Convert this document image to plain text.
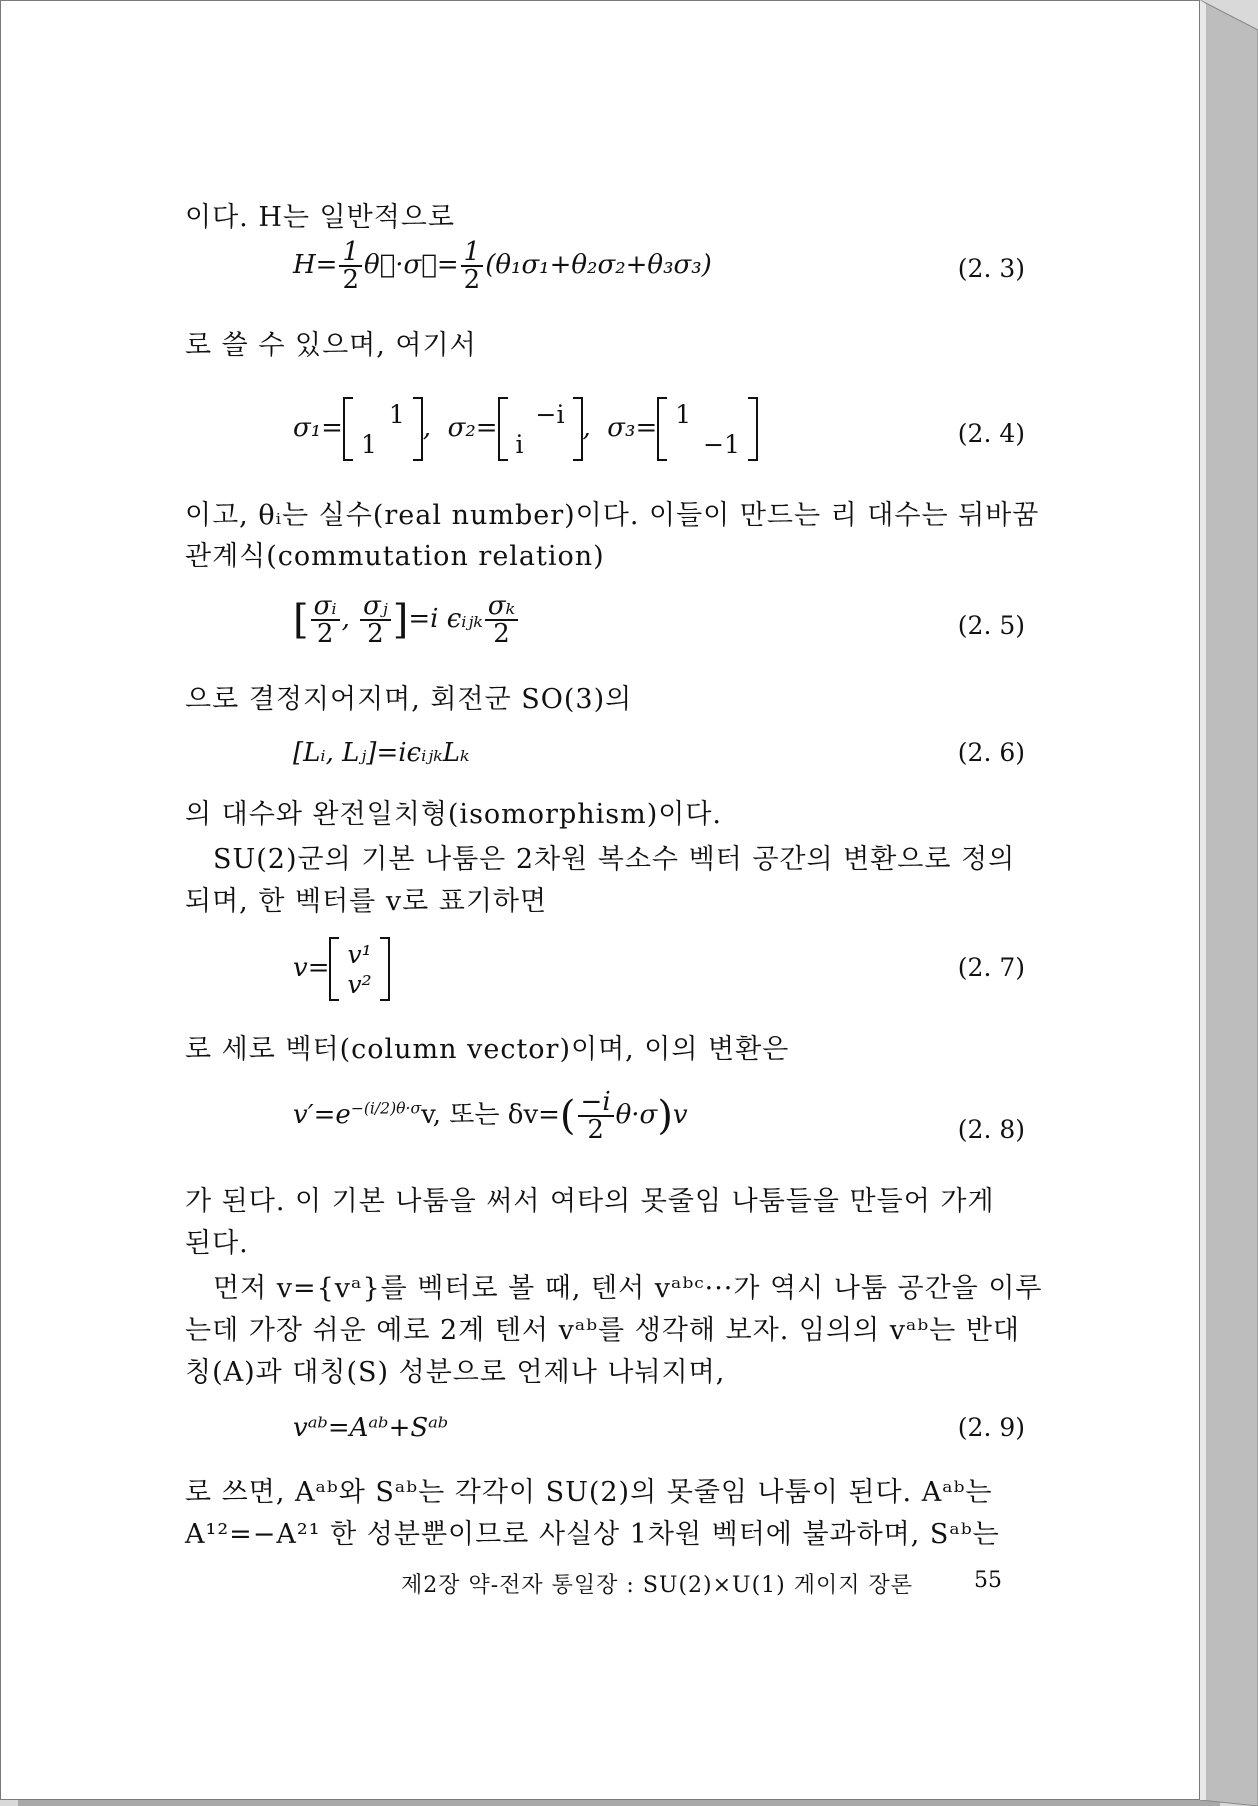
이다. H는 일반적으로
$H= \frac{1}{2}$ θ⃗·σ⃗= $\frac{1}{2} (\theta_1\sigma_1+\theta_2\sigma_2+\theta_3\sigma_3)$	(2. 3)
로 쓸 수 있으며, 여기서
σ₁=
	1
1	
, σ₂=
	−i
i	
, σ₃= 1	
	−1	(2. 4)
이고, θᵢ는 실수(real number)이다. 이들이 만드는 리 대수는 뒤바꿈
관계식(commutation relation)
[ $\frac{\text{σᵢ}}{2}$ , $\frac{\text{σⱼ}}{2} ]=i$ ϵᵢⱼₖ $\frac{\text{σₖ}}{2}$	(2. 5)
으로 결정지어지며, 회전군 SO(3)의
[Lᵢ, Lⱼ]=iϵᵢⱼₖLₖ	(2. 6)
의 대수와 완전일치형(isomorphism)이다.
SU(2)군의 기본 나툼은 2차원 복소수 벡터 공간의 변환으로 정의
되며, 한 벡터를 v로 표기하면
v= v¹
v²
(2. 7)
로 세로 벡터(column vector)이며, 이의 변환은
$v'=e^{-(i/2)\theta\cdot\sigma}v$, 또는 $\delta v=( \frac{-i}{2} \theta\cdot\sigma)v$	(2. 8)
가 된다. 이 기본 나툼을 써서 여타의 못줄임 나툼들을 만들어 가게
된다.
먼저 v={vᵃ}를 벡터로 볼 때, 텐서 vᵃᵇᶜ···가 역시 나툼 공간을 이루
는데 가장 쉬운 예로 2계 텐서 vᵃᵇ를 생각해 보자. 임의의 vᵃᵇ는 반대
칭(A)과 대칭(S) 성분으로 언제나 나눠지며,
vᵃᵇ=Aᵃᵇ+Sᵃᵇ	(2. 9)
로 쓰면, Aᵃᵇ와 Sᵃᵇ는 각각이 SU(2)의 못줄임 나툼이 된다. Aᵃᵇ는
A¹²=−A²¹ 한 성분뿐이므로 사실상 1차원 벡터에 불과하며, Sᵃᵇ는
제2장 약-전자 통일장 : SU(2)×U(1) 게이지 장론	55
